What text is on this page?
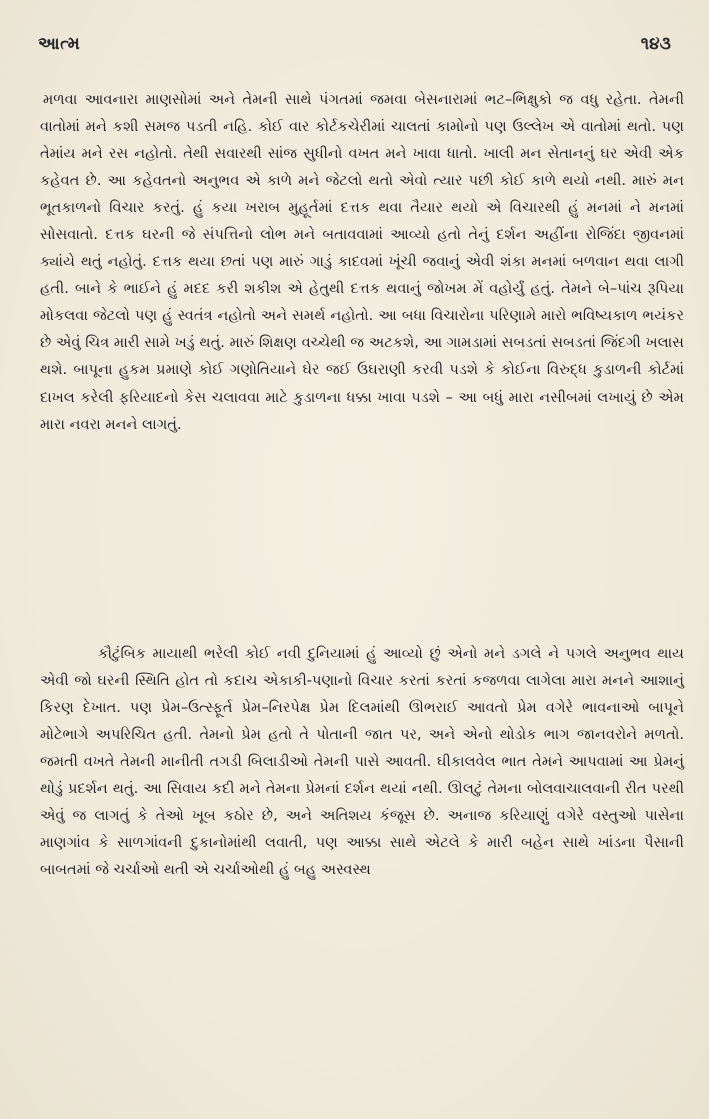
આત્મ	૧૪૩

મળવા આવનારા માણસોમાં અને તેમની સાથે પંગતમાં જમવા બેસનારામાં ભટ–ભિક્ષુકો જ વધુ રહેતા. તેમની વાતોમાં મને કશી સમજ પડતી નહિ. કોઈ વાર કોર્ટકચેરીમાં ચાલતાં કામોનો પણ ઉલ્લેખ એ વાતોમાં થતો. પણ તેમાંય મને રસ નહોતો. તેથી સવારથી સાંજ સુધીનો વખત મને ખાવા ધાતો. ખાલી મન સેતાનનું ઘર એવી એક કહેવત છે. આ કહેવતનો અનુભવ એ કાળે મને જેટલો થતો એવો ત્યાર પછી કોઈ કાળે થયો નથી. મારું મન ભૂતકાળનો વિચાર કરતું. હું કયા ખરાબ મુહૂર્તમાં દત્તક થવા તૈયાર થયો એ વિચારથી હું મનમાં ને મનમાં સોસવાતો. દત્તક ઘરની જે સંપત્તિનો લોભ મને બતાવવામાં આવ્યો હતો તેનું દર્શન અહીંના રોજિંદા જીવનમાં ક્યાંયે થતું નહોતું. દત્તક થયા છતાં પણ મારું ગાડું કાદવમાં ખૂંચી જવાનું એવી શંકા મનમાં બળવાન થવા લાગી હતી. બાને કે ભાઈને હું મદદ કરી શકીશ એ હેતુથી દત્તક થવાનું જોખમ મેં વહોર્યું હતું. તેમને બે–પાંચ રૂપિયા મોકલવા જેટલો પણ હું સ્વતંત્ર નહોતો અને સમર્થ નહોતો. આ બધા વિચારોના પરિણામે મારો ભવિષ્યકાળ ભયંકર છે એવું ચિત્ર મારી સામે ખડું થતું. મારું શિક્ષણ વચ્ચેથી જ અટકશે, આ ગામડામાં સબડતાં સબડતાં જિંદગી ખલાસ થશે. બાપૂના હુકમ પ્રમાણે કોઈ ગણોતિયાને ઘેર જઈ ઉઘરાણી કરવી પડશે કે કોઈના વિરુદ્ધ કુડાળની કોર્ટમાં દાખલ કરેલી ફરિયાદનો કેસ ચલાવવા માટે કુડાળના ધક્કા ખાવા પડશે – આ બધું મારા નસીબમાં લખાયું છે એમ મારા નવરા મનને લાગતું.

કૌટુંબિક માયાથી ભરેલી કોઈ નવી દુનિયામાં હું આવ્યો છું એનો મને ડગલે ને પગલે અનુભવ થાય એવી જો ઘરની સ્થિતિ હોત તો કદાચ એકાકી-પણાનો વિચાર કરતાં કરતાં કજળવા લાગેલા મારા મનને આશાનું કિરણ દેખાત. પણ પ્રેમ–ઉત્સ્ફૂર્ત પ્રેમ–નિરપેક્ષ પ્રેમ દિલમાંથી ઊભરાઈ આવતો પ્રેમ વગેરે ભાવનાઓ બાપૂને મોટેભાગે અપરિચિત હતી. તેમનો પ્રેમ હતો તે પોતાની જાત પર, અને એનો થોડોક ભાગ જાનવરોને મળતો. જમતી વખતે તેમની માનીતી તગડી બિલાડીઓ તેમની પાસે આવતી. ઘીકાલવેલ ભાત તેમને આપવામાં આ પ્રેમનું થોડું પ્રદર્શન થતું. આ સિવાય કદી મને તેમના પ્રેમનાં દર્શન થયાં નથી. ઊલટું તેમના બોલવાચાલવાની રીત પરથી એવું જ લાગતું કે તેઓ ખૂબ કઠોર છે, અને અતિશય કંજૂસ છે. અનાજ કરિયાણું વગેરે વસ્તુઓ પાસેના માણગાંવ કે સાળગાંવની દુકાનોમાંથી લવાતી, પણ આક્કા સાથે એટલે કે મારી બહેન સાથે ખાંડના પૈસાની બાબતમાં જે ચર્ચાઓ થતી એ ચર્ચાઓથી હું બહુ અસ્વસ્થ
